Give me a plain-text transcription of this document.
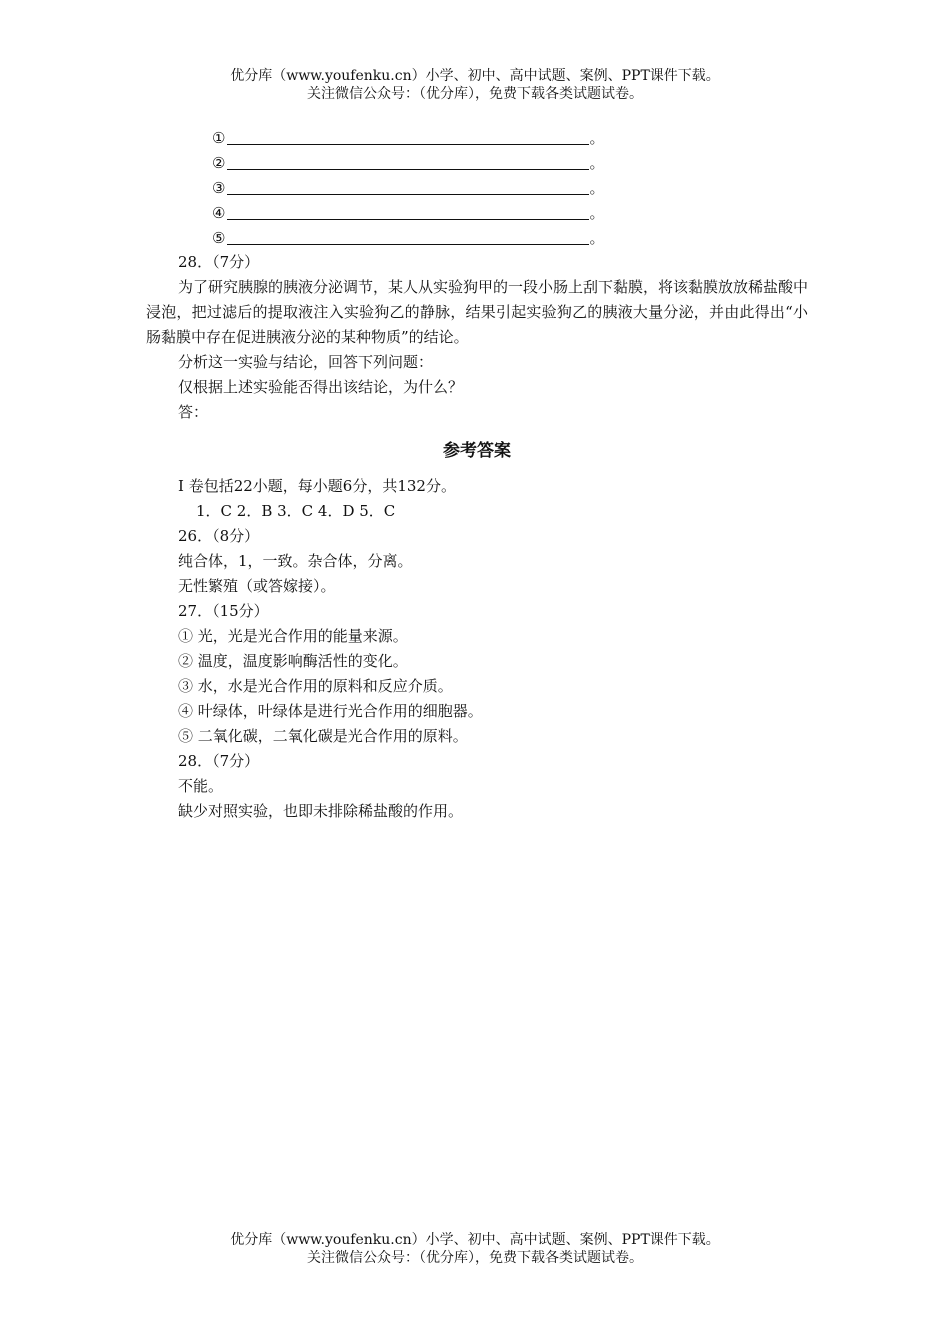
优分库（www.youfenku.cn）小学、初中、高中试题、案例、PPT课件下载。
关注微信公众号：（优分库），免费下载各类试题试卷。
①	。
②	。
③	。
④	。
⑤	。

28．（7分）

为了研究胰腺的胰液分泌调节，某人从实验狗甲的一段小肠上刮下黏膜，将该黏膜放放稀盐酸中浸泡，把过滤后的提取液注入实验狗乙的静脉，结果引起实验狗乙的胰液大量分泌，并由此得出“小肠黏膜中存在促进胰液分泌的某种物质”的结论。

分析这一实验与结论，回答下列问题：

仅根据上述实验能否得出该结论，为什么？

答：

参考答案

Ⅰ 卷包括22小题，每小题6分，共132分。

1．C 2．B 3．C 4．D 5．C

26．（8分）

纯合体，1，一致。杂合体，分离。

无性繁殖（或答嫁接）。

27．（15分）

① 光，光是光合作用的能量来源。

② 温度，温度影响酶活性的变化。

③ 水，水是光合作用的原料和反应介质。

④ 叶绿体，叶绿体是进行光合作用的细胞器。

⑤ 二氧化碳，二氧化碳是光合作用的原料。

28．（7分）

不能。

缺少对照实验，也即未排除稀盐酸的作用。

优分库（www.youfenku.cn）小学、初中、高中试题、案例、PPT课件下载。
关注微信公众号：（优分库），免费下载各类试题试卷。
